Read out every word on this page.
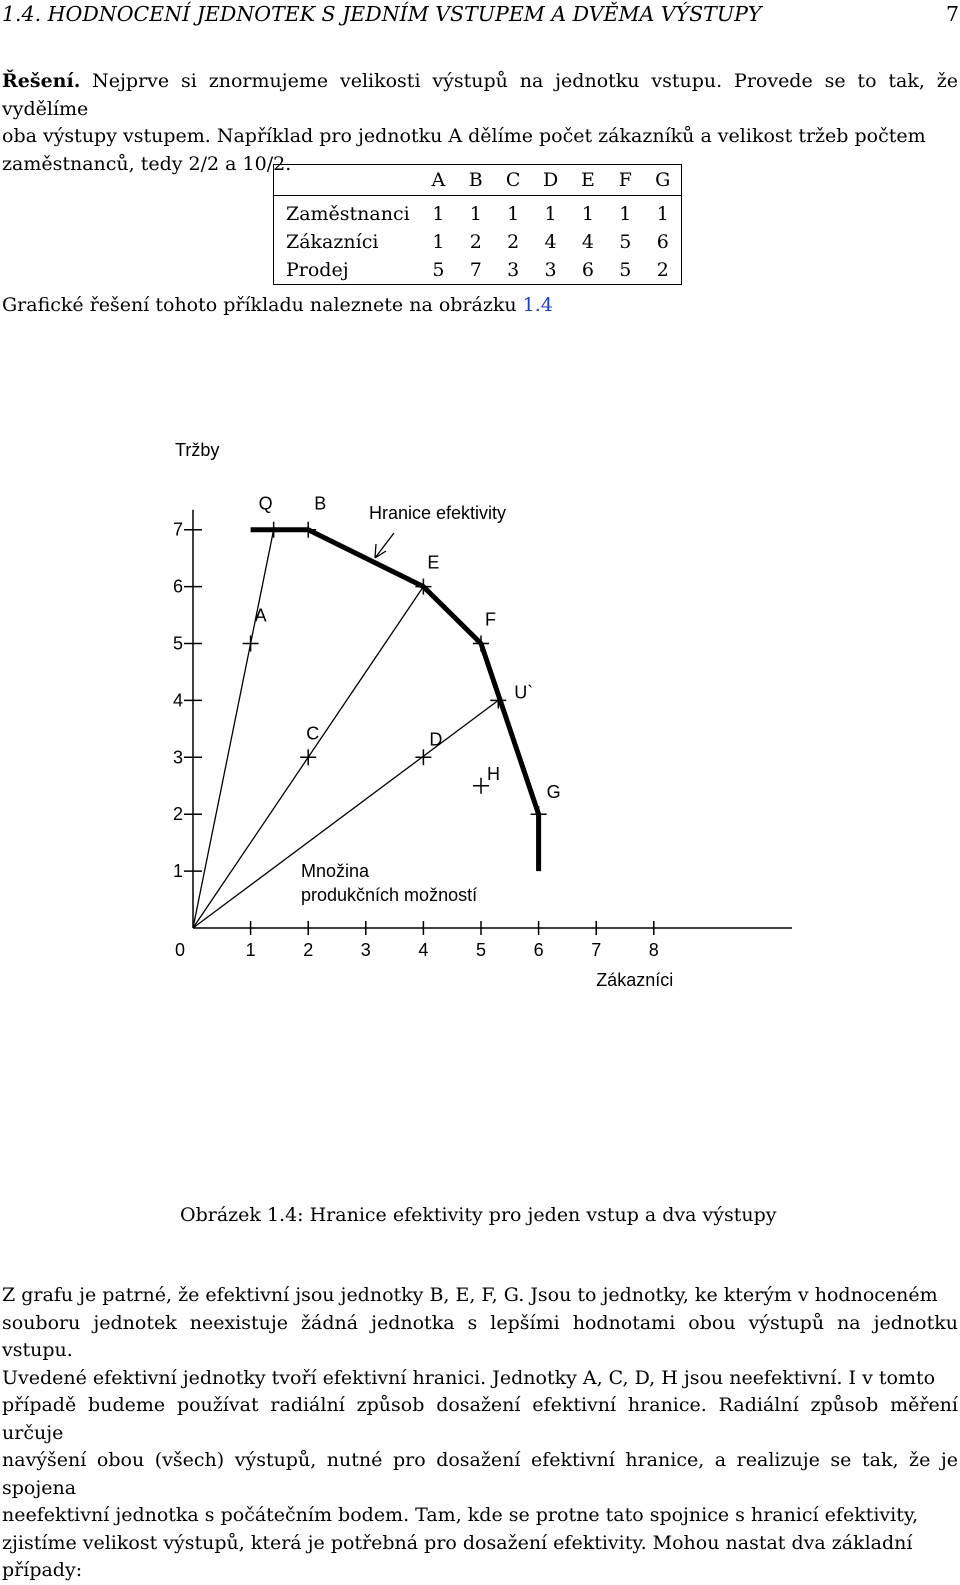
1.4. HODNOCENÍ JEDNOTEK S JEDNÍM VSTUPEM A DVĚMA VÝSTUPY	7
Řešení. Nejprve si znormujeme velikosti výstupů na jednotku vstupu. Provede se to tak, že vydělíme
oba výstupy vstupem. Například pro jednotku A dělíme počet zákazníků a velikost tržeb počtem
zaměstnanců, tedy 2/2 a 10/2.
	A	B	C	D	E	F	G
Zaměstnanci	1	1	1	1	1	1	1
Zákazníci	1	2	2	4	4	5	6
Prodej	5	7	3	3	6	5	2
Grafické řešení tohoto příkladu naleznete na obrázku 1.4
1
2
3
4
5
6
7
0	1	2	3	4	5	6	7	8
Tržby
Zákazníci
A
B
C	D
E
F
G
H
Q
U`
Hranice efektivity
Množina
produkčních možností
Obrázek 1.4: Hranice efektivity pro jeden vstup a dva výstupy
Z grafu je patrné, že efektivní jsou jednotky B, E, F, G. Jsou to jednotky, ke kterým v hodnoceném
souboru jednotek neexistuje žádná jednotka s lepšími hodnotami obou výstupů na jednotku vstupu.
Uvedené efektivní jednotky tvoří efektivní hranici. Jednotky A, C, D, H jsou neefektivní. I v tomto
případě budeme používat radiální způsob dosažení efektivní hranice. Radiální způsob měření určuje
navýšení obou (všech) výstupů, nutné pro dosažení efektivní hranice, a realizuje se tak, že je spojena
neefektivní jednotka s počátečním bodem. Tam, kde se protne tato spojnice s hranicí efektivity,
zjistíme velikost výstupů, která je potřebná pro dosažení efektivity. Mohou nastat dva základní
případy:
